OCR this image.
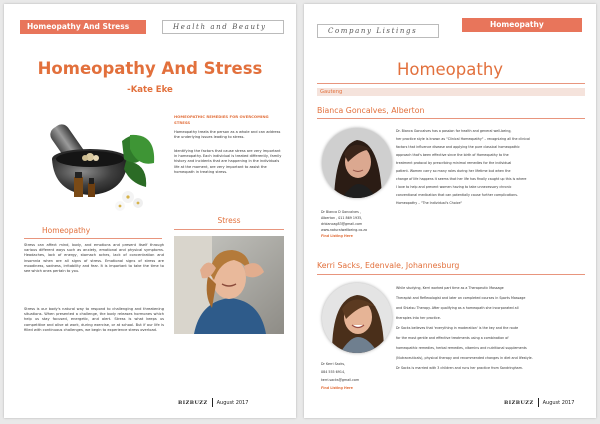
Homeopathy And Stress	Health and Beauty
Homeopathy And Stress
-Kate Eke
Homeopathy
Stress can affect mind, body, and emotions and present itself through various different ways such as anxiety, emotional and physical symptoms. Headaches, lack of energy, stomach aches, lack of concentration and insomnia when are all signs of stress. Emotional signs of stress are moodiness, sadness, irritability and fear. It is important to take the time to see which ones pertain to you.
Stress is our body's natural way to respond to challenging and threatening situations. When presented a challenge, the body releases hormones which help us stay focused, energetic, and alert. Stress is what keeps us competitive and alive at work, during exercise, or at school. But if our life is filled with continuous challenges, we begin to experience stress overload.
HOMEOPATHIC REMEDIES FOR OVERCOMING STRESS
Homeopathy treats the person as a whole and can address the underlying issues leading to stress.
Identifying the factors that cause stress are very important in homeopathy. Each individual is treated differently, family history and incidents that are happening in the individuals life at the moment, are very important to assist the homeopath in treating stress.
Stress
BIZBUZZ August 2017
Company Listings
Homeopathy
Homeopathy
Gauteng
Bianca Goncalves, Alberton
Dr Bianca D Goncalves ,
Alberton , 011 869 1935,
drbiancag83@gmail.com
www.naturalwellbeing.co.za
Find Listing Here
Dr. Bianca Goncalves has a passion for health and general well-being,
her practice style is known as "Clinical Homeopathy" – recognizing all the clinical
factors that influence disease and applying the pure classical homeopathic
approach that's been effective since the birth of Homeopathy to the
treatment protocol by prescribing minimal remedies for the individual
patient. Women carry so many roles during her lifetime but when the
change of life happens it seems that her life has finally caught up this is where
I love to help and prevent women having to take unnecessary chronic
conventional medication that can potentially cause further complications.
Homeopathy – "The Individual's Choice"
Kerri Sacks, Edenvale, Johannesburg
Dr Kerri Sacks,
084 555 6914,
kerri.sacks@gmail.com
Find Listing Here
While studying, Kerri worked part time as a Therapeutic Massage
Therapist and Reflexologist and later on completed courses in Sports Massage
and Shiatsu Therapy. After qualifying as a homeopath she incorporated all
therapies into her practice.
Dr Sacks believes that 'everything in moderation' is the key and the route
for the most gentle and effective treatments using a combination of
homeopathic remedies, herbal remedies, vitamins and nutritional supplements
(Nutraceuticals), physical therapy and recommended changes in diet and lifestyle.
Dr Sacks is married with 3 children and runs her practice from Sandringham.
BIZBUZZ August 2017
